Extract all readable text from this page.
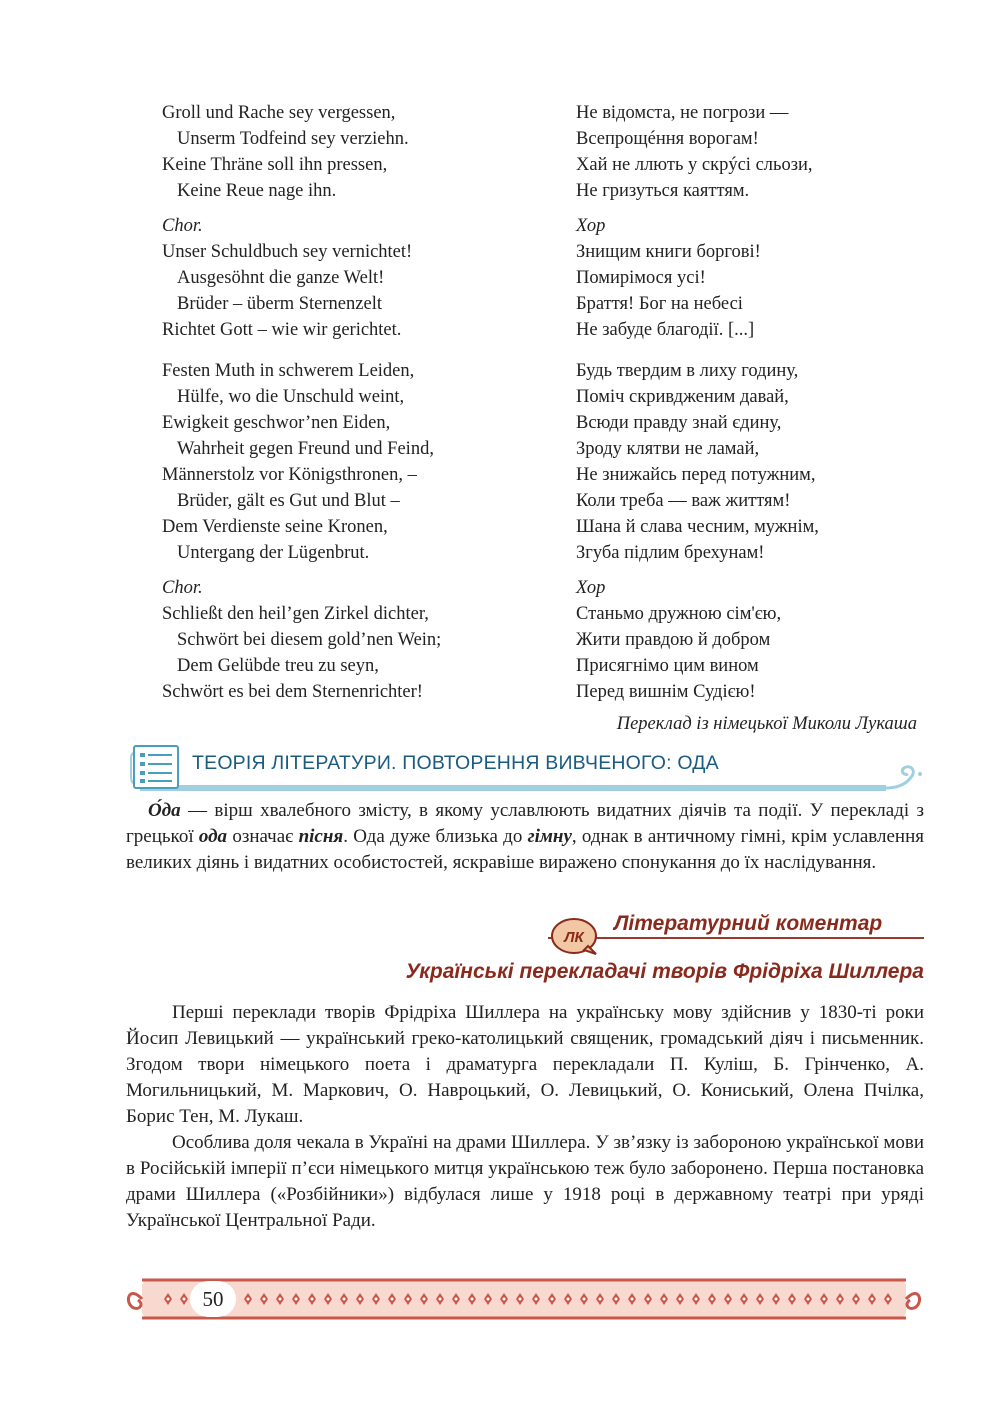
Groll und Rache sey vergessen,
Unserm Todfeind sey verziehn.
Keine Thräne soll ihn pressen,
Keine Reue nage ihn.
Chor.
Unser Schuldbuch sey vernichtet!
Ausgesöhnt die ganze Welt!
Brüder – überm Sternenzelt
Richtet Gott – wie wir gerichtet.
Festen Muth in schwerem Leiden,
Hülfe, wo die Unschuld weint,
Ewigkeit geschwor’nen Eiden,
Wahrheit gegen Freund und Feind,
Männerstolz vor Königsthronen, –
Brüder, gält es Gut und Blut –
Dem Verdienste seine Kronen,
Untergang der Lügenbrut.
Chor.
Schließt den heil’gen Zirkel dichter,
Schwört bei diesem gold’nen Wein;
Dem Gelübde treu zu seyn,
Schwört es bei dem Sternenrichter!
Не відомста, не погрози —
Всепрощéння ворогам!
Хай не ллють у скрýсі сльози,
Не гризуться каяттям.
Хор
Знищим книги боргові!
Помирімося усі!
Браття! Бог на небесі
Не забуде благодії. [...]
Будь твердим в лиху годину,
Поміч скривдженим давай,
Всюди правду знай єдину,
Зроду клятви не ламай,
Не знижайсь перед потужним,
Коли треба — важ життям!
Шана й слава чесним, мужнім,
Згуба підлим брехунам!
Хор
Станьмо дружною сім'єю,
Жити правдою й добром
Присягнімо цим вином
Перед вишнім Судією!
Переклад із німецької Миколи Лукаша
ТЕОРІЯ ЛІТЕРАТУРИ. ПОВТОРЕННЯ ВИВЧЕНОГО: ОДА
О́да — вірш хвалебного змісту, в якому уславлюють видатних діячів та події. У перекладі з грецької ода означає пісня. Ода дуже близька до гімну, однак в античному гімні, крім уславлення великих діянь і видатних особистостей, яскравіше виражено спонукання до їх наслідування.
ЛК
Літературний коментар
Українські перекладачі творів Фрідріха Шиллера
Перші переклади творів Фрідріха Шиллера на українську мову здійснив у 1830-ті роки Йосип Левицький — український греко-католицький священик, громадський діяч і письменник. Згодом твори німецького поета і драматурга перекладали П. Куліш, Б. Грінченко, А. Могильницький, М. Маркович, О. Навроцький, О. Левицький, О. Кониський, Олена Пчілка, Борис Тен, М. Лукаш.
Особлива доля чекала в Україні на драми Шиллера. У зв’язку із забороною української мови в Російській імперії п’єси німецького митця українською теж було заборонено. Перша постановка драми Шиллера («Розбійники») відбулася лише у 1918 році в державному театрі при уряді Української Центральної Ради.
50
